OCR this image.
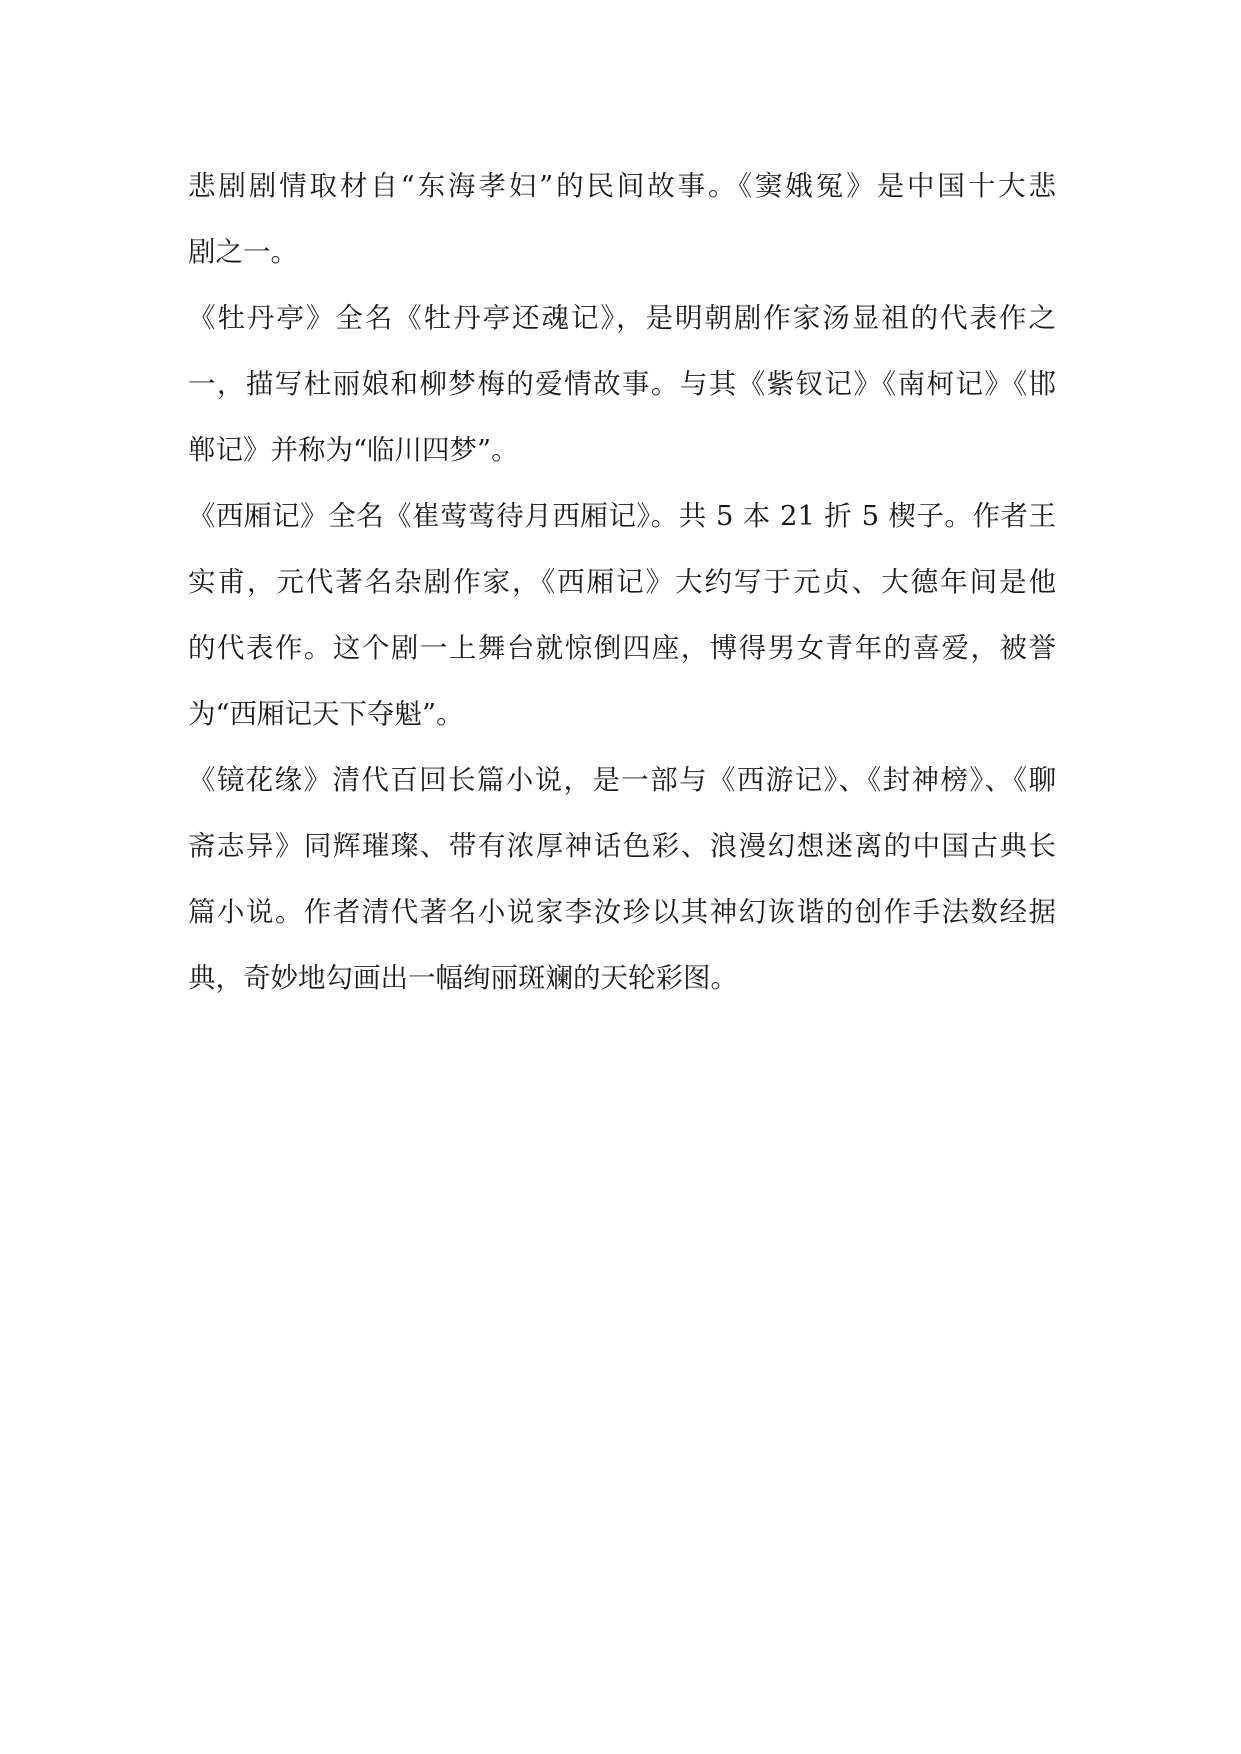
悲剧剧情取材自“东海孝妇”的民间故事。《窦娥冤》是中国十大悲
剧之一。
《牡丹亭》全名《牡丹亭还魂记》，是明朝剧作家汤显祖的代表作之
一，描写杜丽娘和柳梦梅的爱情故事。与其《紫钗记》《南柯记》《邯
郸记》并称为“临川四梦”。
《西厢记》全名《崔莺莺待月西厢记》。共 5 本 21 折 5 楔子。作者王
实甫，元代著名杂剧作家，《西厢记》大约写于元贞、大德年间是他
的代表作。这个剧一上舞台就惊倒四座，博得男女青年的喜爱，被誉
为“西厢记天下夺魁”。
《镜花缘》清代百回长篇小说，是一部与《西游记》、《封神榜》、《聊
斋志异》同辉璀璨、带有浓厚神话色彩、浪漫幻想迷离的中国古典长
篇小说。作者清代著名小说家李汝珍以其神幻诙谐的创作手法数经据
典，奇妙地勾画出一幅绚丽斑斓的天轮彩图。
